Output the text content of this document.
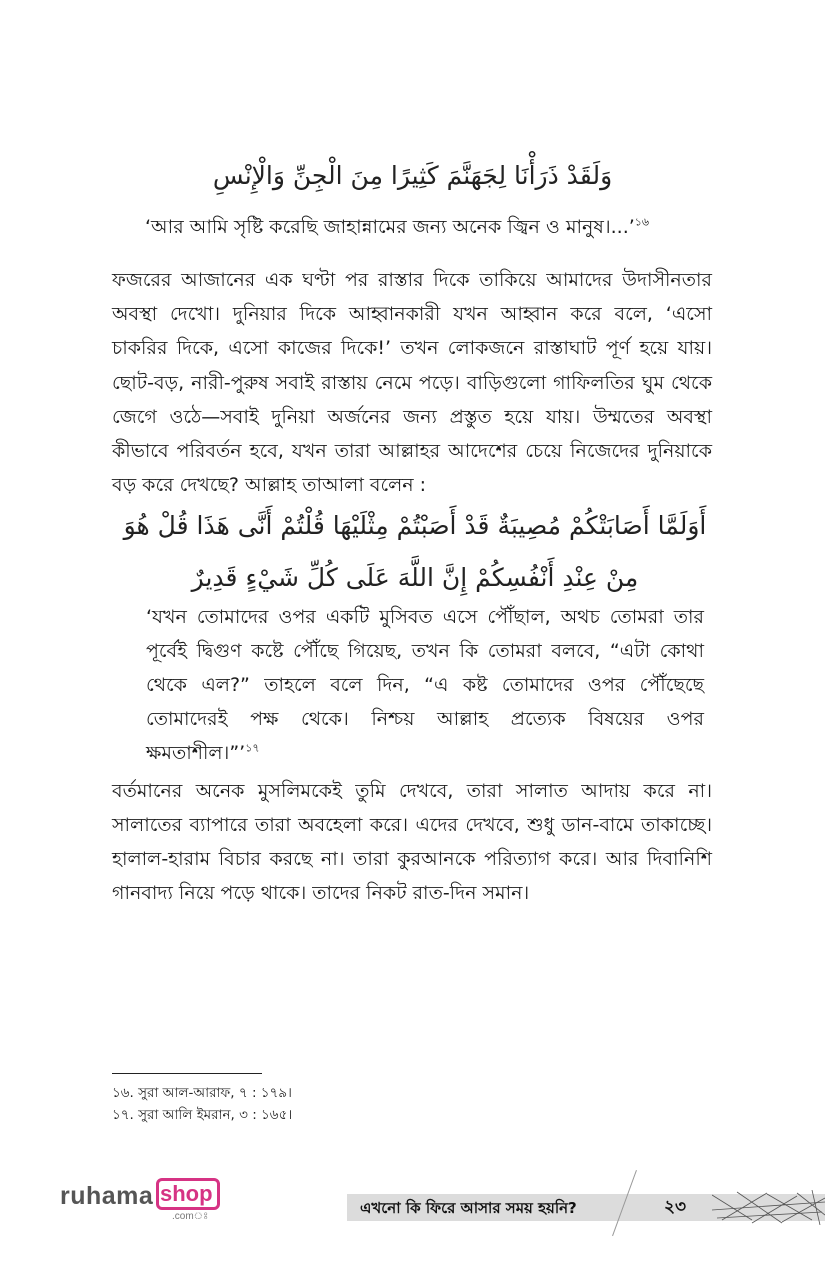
وَلَقَدْ ذَرَأْنَا لِجَهَنَّمَ كَثِيرًا مِنَ الْجِنِّ وَالْإِنْسِ
‘আর আমি সৃষ্টি করেছি জাহান্নামের জন্য অনেক জ্বিন ও মানুষ।...’$^{১৬}$
ফজরের আজানের এক ঘণ্টা পর রাস্তার দিকে তাকিয়ে আমাদের উদাসীনতার অবস্থা দেখো। দুনিয়ার দিকে আহ্বানকারী যখন আহ্বান করে বলে, ‘এসো চাকরির দিকে, এসো কাজের দিকে!’ তখন লোকজনে রাস্তাঘাট পূর্ণ হয়ে যায়। ছোট-বড়, নারী-পুরুষ সবাই রাস্তায় নেমে পড়ে। বাড়িগুলো গাফিলতির ঘুম থেকে জেগে ওঠে—সবাই দুনিয়া অর্জনের জন্য প্রস্তুত হয়ে যায়। উম্মতের অবস্থা কীভাবে পরিবর্তন হবে, যখন তারা আল্লাহর আদেশের চেয়ে নিজেদের দুনিয়াকে বড় করে দেখছে? আল্লাহ তাআলা বলেন :
أَوَلَمَّا أَصَابَتْكُمْ مُصِيبَةٌ قَدْ أَصَبْتُمْ مِثْلَيْهَا قُلْتُمْ أَنَّى هَذَا قُلْ هُوَ مِنْ عِنْدِ أَنْفُسِكُمْ إِنَّ اللَّهَ عَلَى كُلِّ شَيْءٍ قَدِيرٌ
‘যখন তোমাদের ওপর একটি মুসিবত এসে পৌঁছাল, অথচ তোমরা তার পূর্বেই দ্বিগুণ কষ্টে পৌঁছে গিয়েছ, তখন কি তোমরা বলবে, “এটা কোথা থেকে এল?” তাহলে বলে দিন, “এ কষ্ট তোমাদের ওপর পৌঁছেছে তোমাদেরই পক্ষ থেকে। নিশ্চয় আল্লাহ প্রত্যেক বিষয়ের ওপর ক্ষমতাশীল।”’$^{১৭}$
বর্তমানের অনেক মুসলিমকেই তুমি দেখবে, তারা সালাত আদায় করে না। সালাতের ব্যাপারে তারা অবহেলা করে। এদের দেখবে, শুধু ডান-বামে তাকাচ্ছে। হালাল-হারাম বিচার করছে না। তারা কুরআনকে পরিত্যাগ করে। আর দিবানিশি গানবাদ্য নিয়ে পড়ে থাকে। তাদের নিকট রাত-দিন সমান।
১৬. সুরা আল-আরাফ, ৭ : ১৭৯।
১৭. সুরা আলি ইমরান, ৩ : ১৬৫।
ruhama shop
.comঃ	এখনো কি ফিরে আসার সময় হয়নি?	২৩
